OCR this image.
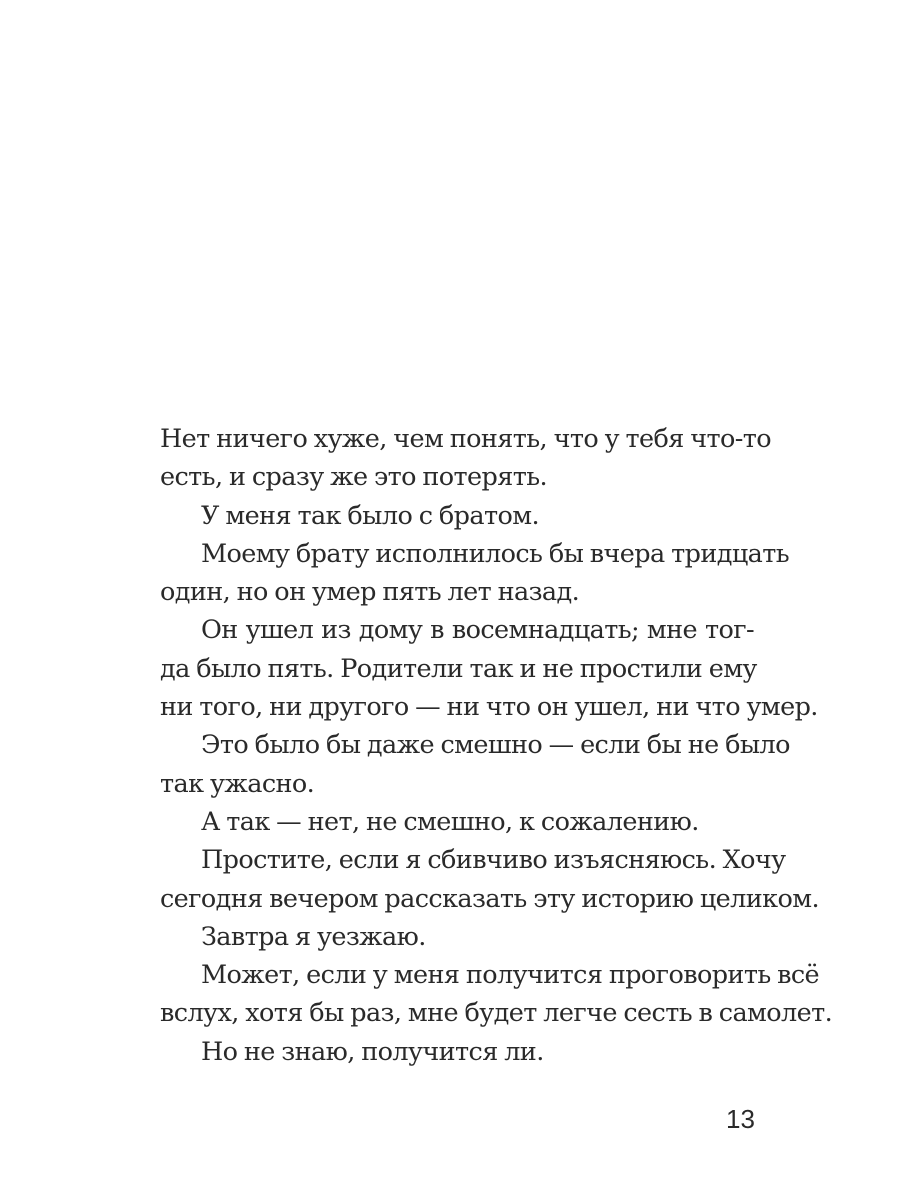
Нет ничего хуже, чем понять, что у тебя что-то
есть, и сразу же это потерять.

У меня так было с братом.

Моему брату исполнилось бы вчера тридцать
один, но он умер пять лет назад.

Он ушел из дому в восемнадцать; мне тог-
да было пять. Родители так и не простили ему
ни того, ни другого — ни что он ушел, ни что умер.

Это было бы даже смешно — если бы не было
так ужасно.

А так — нет, не смешно, к сожалению.

Простите, если я сбивчиво изъясняюсь. Хочу
сегодня вечером рассказать эту историю целиком.

Завтра я уезжаю.

Может, если у меня получится проговорить всё
вслух, хотя бы раз, мне будет легче сесть в самолет.

Но не знаю, получится ли.

13
